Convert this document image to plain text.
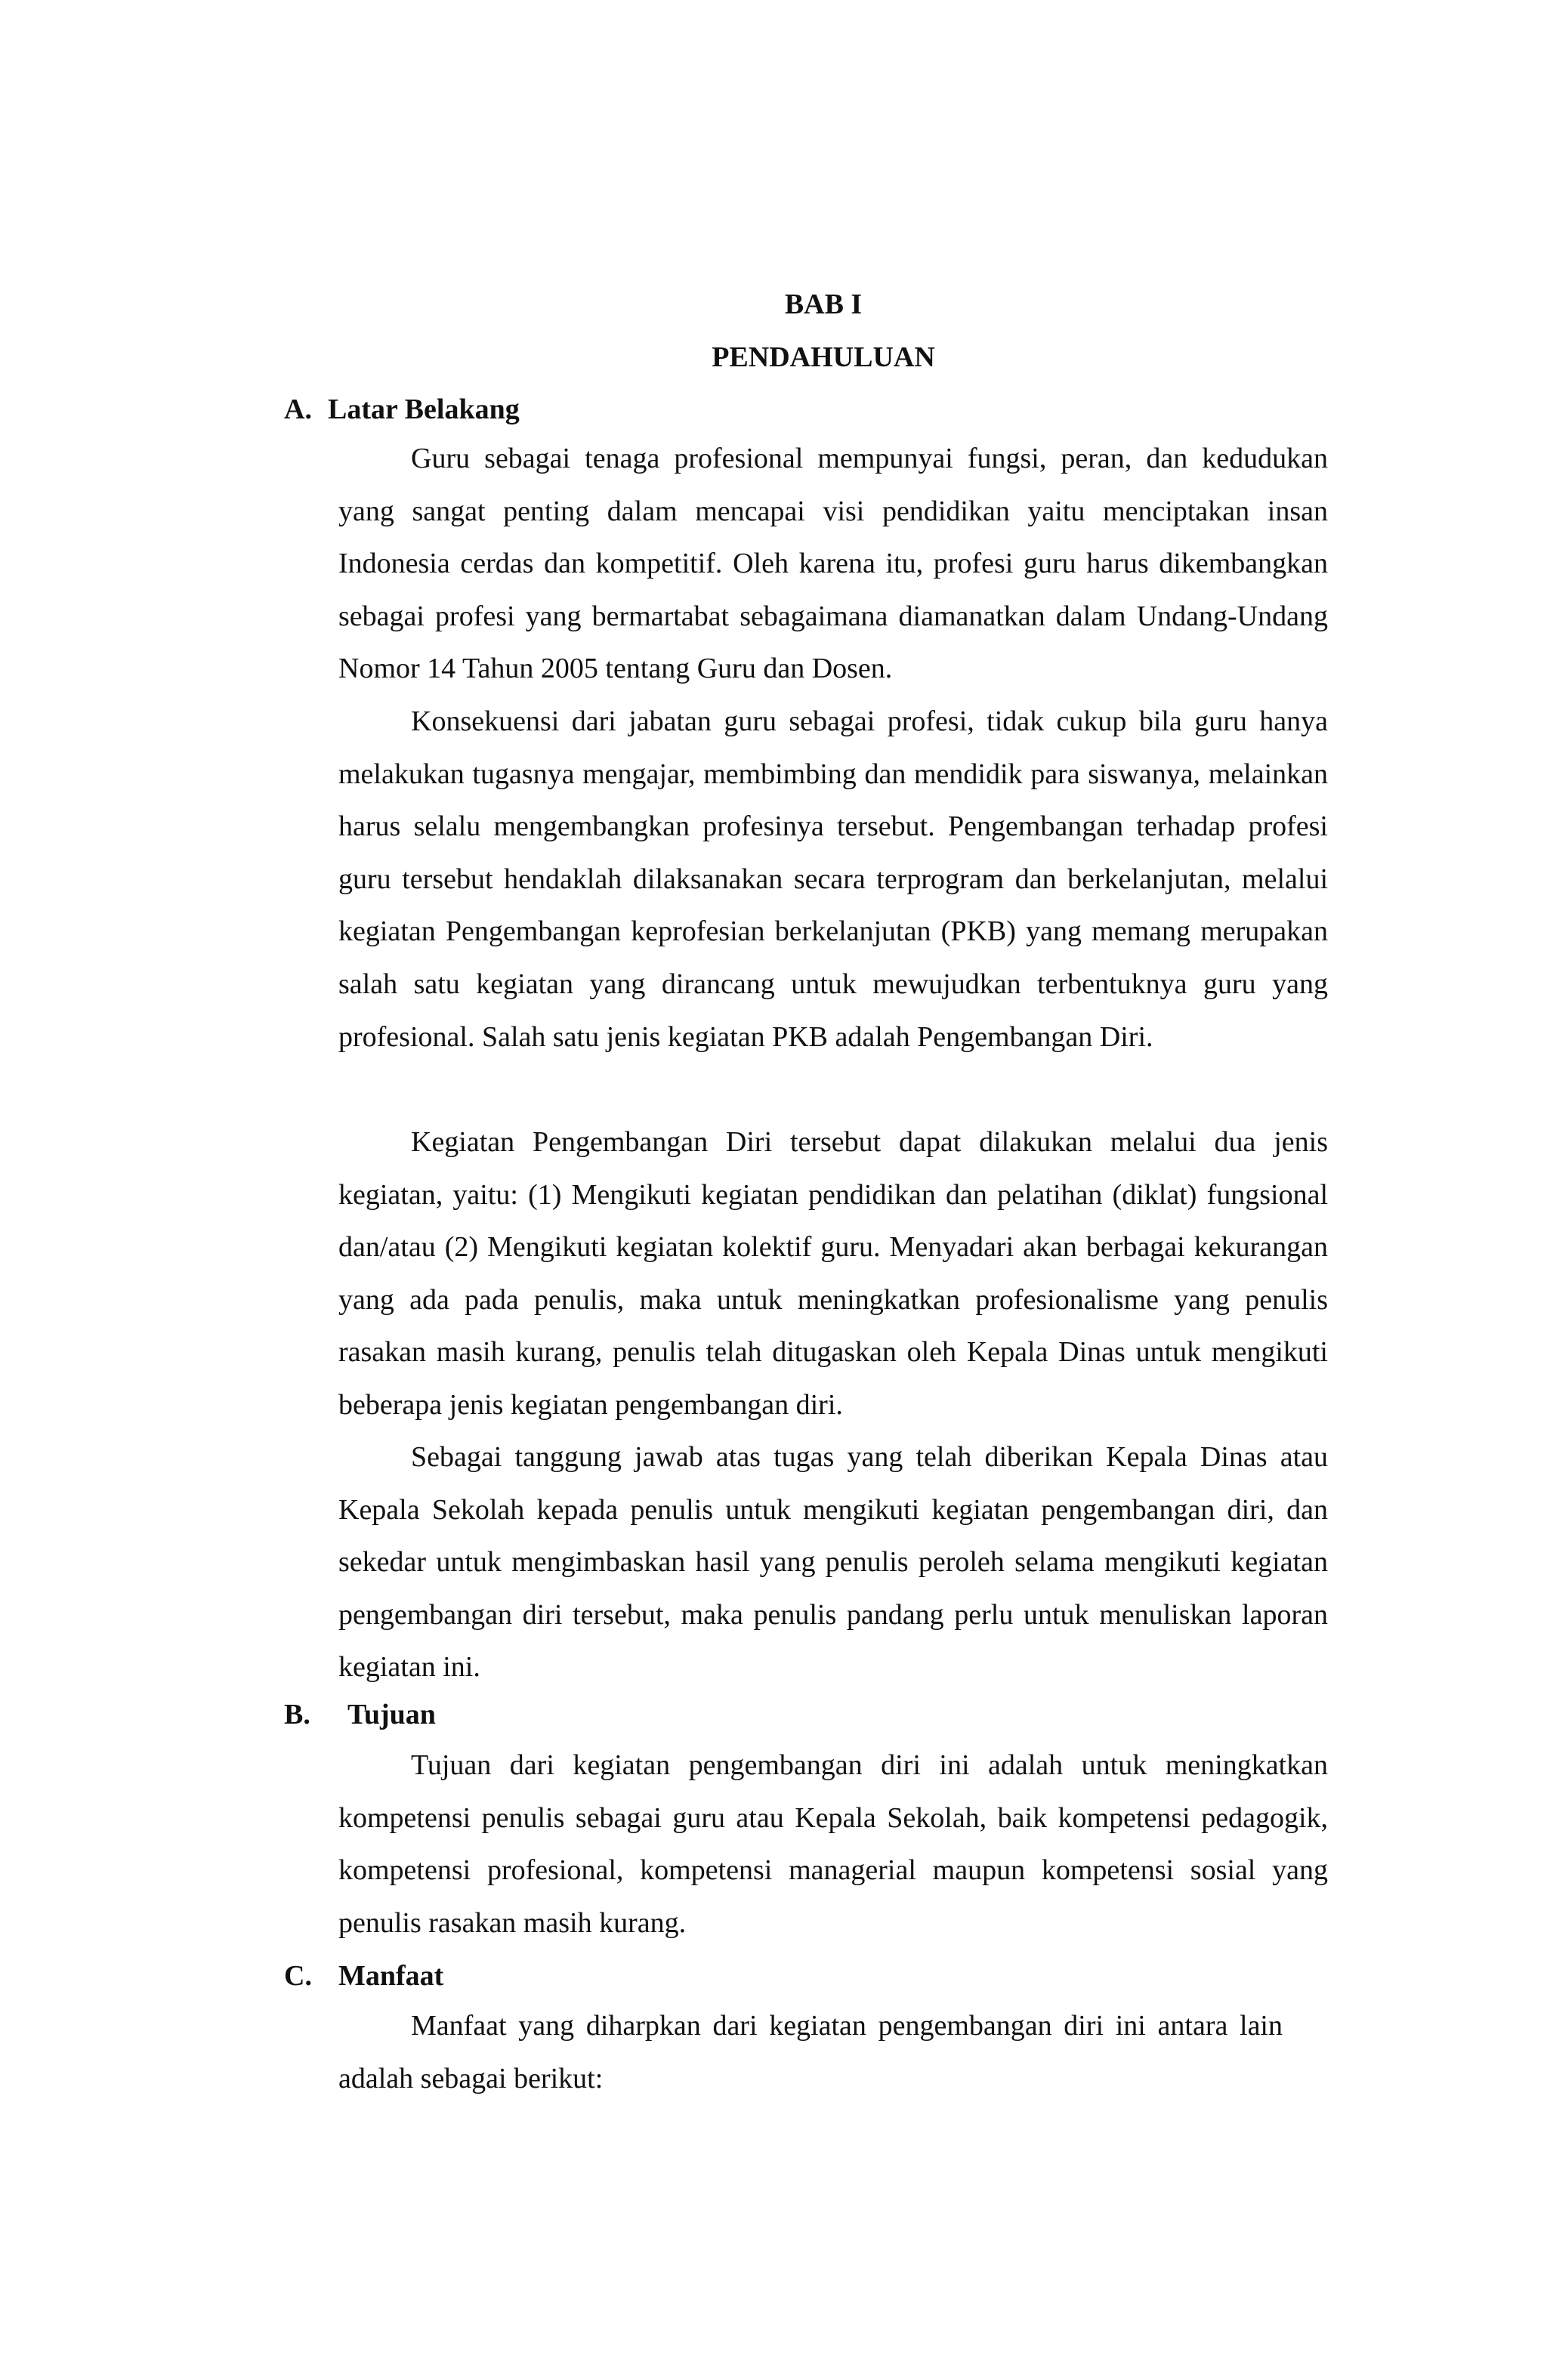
BAB I
PENDAHULUAN
A. Latar Belakang

Guru sebagai tenaga profesional mempunyai fungsi, peran, dan kedudukan yang sangat penting dalam mencapai visi pendidikan yaitu menciptakan insan Indonesia cerdas dan kompetitif. Oleh karena itu, profesi guru harus dikembangkan sebagai profesi yang bermartabat sebagaimana diamanatkan dalam Undang-Undang Nomor 14 Tahun 2005 tentang Guru dan Dosen.

Konsekuensi dari jabatan guru sebagai profesi, tidak cukup bila guru hanya melakukan tugasnya mengajar, membimbing dan mendidik para siswanya, melainkan harus selalu mengembangkan profesinya tersebut. Pengembangan terhadap profesi guru tersebut hendaklah dilaksanakan secara terprogram dan berkelanjutan, melalui kegiatan Pengembangan keprofesian berkelanjutan (PKB) yang memang merupakan salah satu kegiatan yang dirancang untuk mewujudkan terbentuknya guru yang profesional. Salah satu jenis kegiatan PKB adalah Pengembangan Diri.

Kegiatan Pengembangan Diri tersebut dapat dilakukan melalui dua jenis kegiatan, yaitu: (1) Mengikuti kegiatan pendidikan dan pelatihan (diklat) fungsional dan/atau (2) Mengikuti kegiatan kolektif guru. Menyadari akan berbagai kekurangan yang ada pada penulis, maka untuk meningkatkan profesionalisme yang penulis rasakan masih kurang, penulis telah ditugaskan oleh Kepala Dinas untuk mengikuti beberapa jenis kegiatan pengembangan diri.

Sebagai tanggung jawab atas tugas yang telah diberikan Kepala Dinas atau Kepala Sekolah kepada penulis untuk mengikuti kegiatan pengembangan diri, dan sekedar untuk mengimbaskan hasil yang penulis peroleh selama mengikuti kegiatan pengembangan diri tersebut, maka penulis pandang perlu untuk menuliskan laporan kegiatan ini.

B. Tujuan

Tujuan dari kegiatan pengembangan diri ini adalah untuk meningkatkan kompetensi penulis sebagai guru atau Kepala Sekolah, baik kompetensi pedagogik, kompetensi profesional, kompetensi managerial maupun kompetensi sosial yang penulis rasakan masih kurang.

C. Manfaat

Manfaat yang diharpkan dari kegiatan pengembangan diri ini antara lain adalah sebagai berikut:
